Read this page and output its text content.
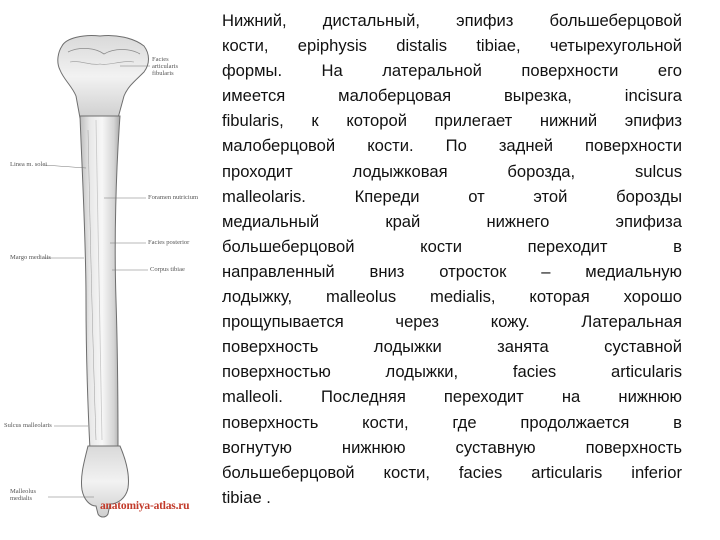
Facies
articularis
fibularis
Linea m. solei
Foramen nutricium
Facies posterior
Margo medialis
Corpus tibiae
Sulcus malleolaris
Malleolus
medialis
anatomiya-atlas.ru
Нижний, дистальный, эпифиз большеберцовой
кости, epiphysis distalis tibiae, четырехугольной
формы. На латеральной поверхности его
имеется малоберцовая вырезка, incisura
fibularis, к которой прилегает нижний эпифиз
малоберцовой кости. По задней поверхности
проходит лодыжковая борозда, sulcus
malleolaris. Кпереди от этой борозды
медиальный край нижнего эпифиза
большеберцовой кости переходит в
направленный вниз отросток – медиальную
лодыжку, malleolus medialis, которая хорошо
прощупывается через кожу. Латеральная
поверхность лодыжки занята суставной
поверхностью лодыжки, facies articularis
malleoli. Последняя переходит на нижнюю
поверхность кости, где продолжается в
вогнутую нижнюю суставную поверхность
большеберцовой кости, facies articularis inferior
tibiae .
